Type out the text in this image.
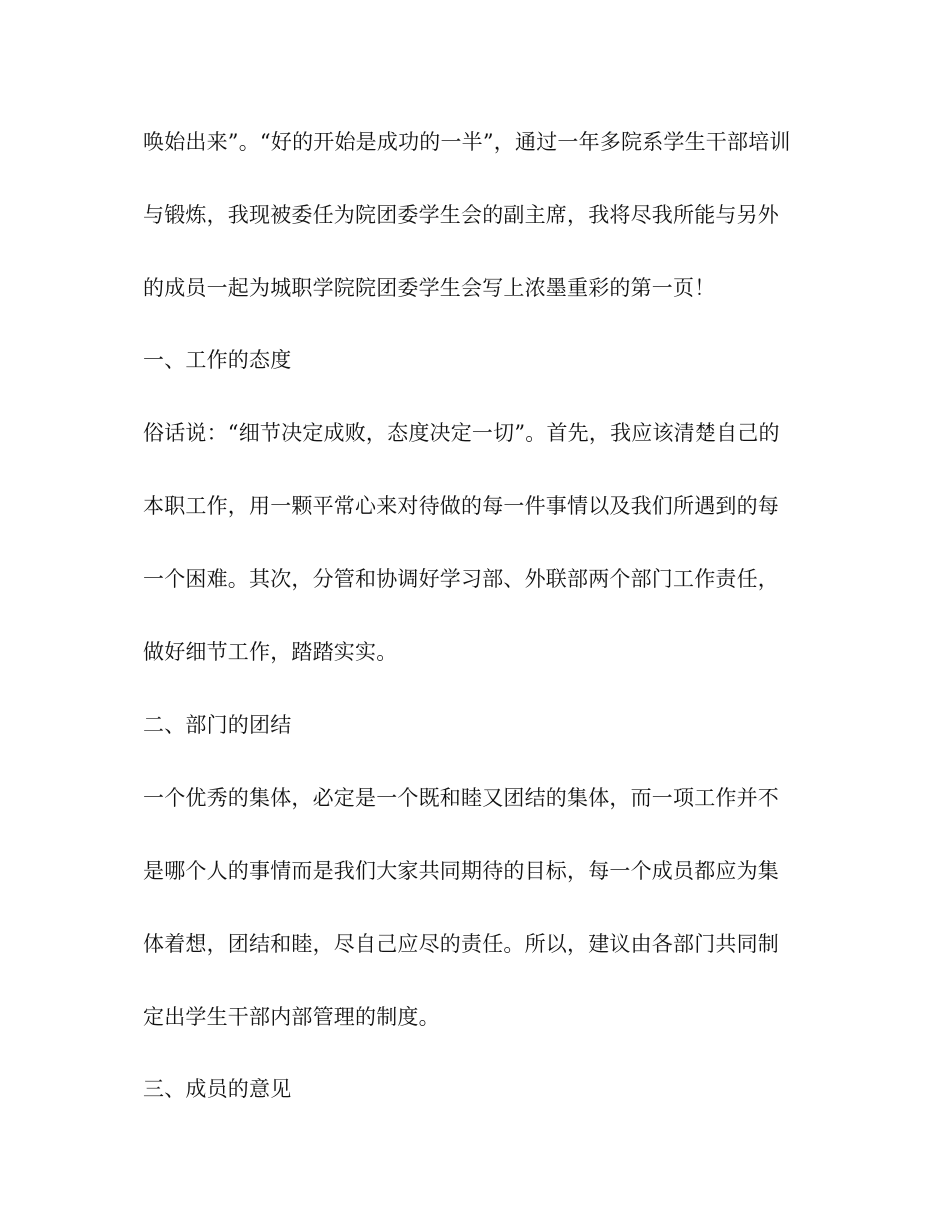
唤始出来”。“好的开始是成功的一半”，通过一年多院系学生干部培训

与锻炼，我现被委任为院团委学生会的副主席，我将尽我所能与另外

的成员一起为城职学院院团委学生会写上浓墨重彩的第一页！

一、工作的态度

俗话说：“细节决定成败，态度决定一切”。首先，我应该清楚自己的

本职工作，用一颗平常心来对待做的每一件事情以及我们所遇到的每

一个困难。其次，分管和协调好学习部、外联部两个部门工作责任，

做好细节工作，踏踏实实。

二、部门的团结

一个优秀的集体，必定是一个既和睦又团结的集体，而一项工作并不

是哪个人的事情而是我们大家共同期待的目标，每一个成员都应为集

体着想，团结和睦，尽自己应尽的责任。所以，建议由各部门共同制

定出学生干部内部管理的制度。

三、成员的意见
